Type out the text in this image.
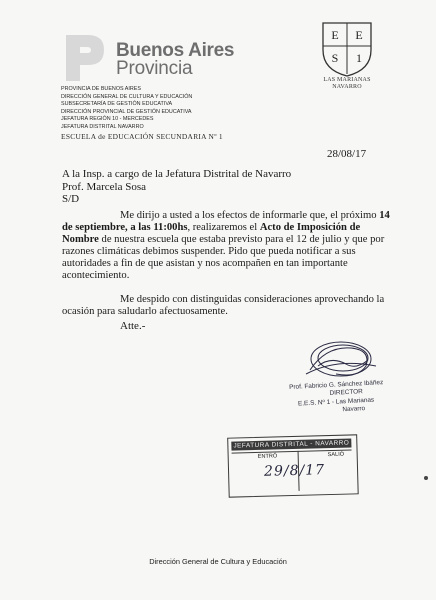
Buenos Aires
Provincia
PROVINCIA DE BUENOS AIRES
DIRECCIÓN GENERAL DE CULTURA Y EDUCACIÓN
SUBSECRETARÍA DE GESTIÓN EDUCATIVA
DIRECCIÓN PROVINCIAL DE GESTIÓN EDUCATIVA
JEFATURA REGIÓN 10 - MERCEDES
JEFATURA DISTRITAL NAVARRO
ESCUELA de EDUCACIÓN SECUNDARIA Nº 1
E E
S 1
LAS MARIANAS
NAVARRO
28/08/17
A la Insp. a cargo de la Jefatura Distrital de Navarro
Prof. Marcela Sosa
S/D
Me dirijo a usted a los efectos de informarle que, el próximo 14 de septiembre, a las 11:00hs, realizaremos el Acto de Imposición de Nombre de nuestra escuela que estaba previsto para el 12 de julio y que por razones climáticas debimos suspender. Pido que pueda notificar a sus autoridades a fin de que asistan y nos acompañen en tan importante acontecimiento.
Me despido con distinguidas consideraciones aprovechando la ocasión para saludarlo afectuosamente.
Atte.-
Prof. Fabricio G. Sánchez Ibáñez
DIRECTOR
E.E.S. Nº 1 - Las Marianas
Navarro
JEFATURA DISTRITAL - NAVARRO
ENTRÓ	SALIÓ
29/8/17
Dirección General de Cultura y Educación
